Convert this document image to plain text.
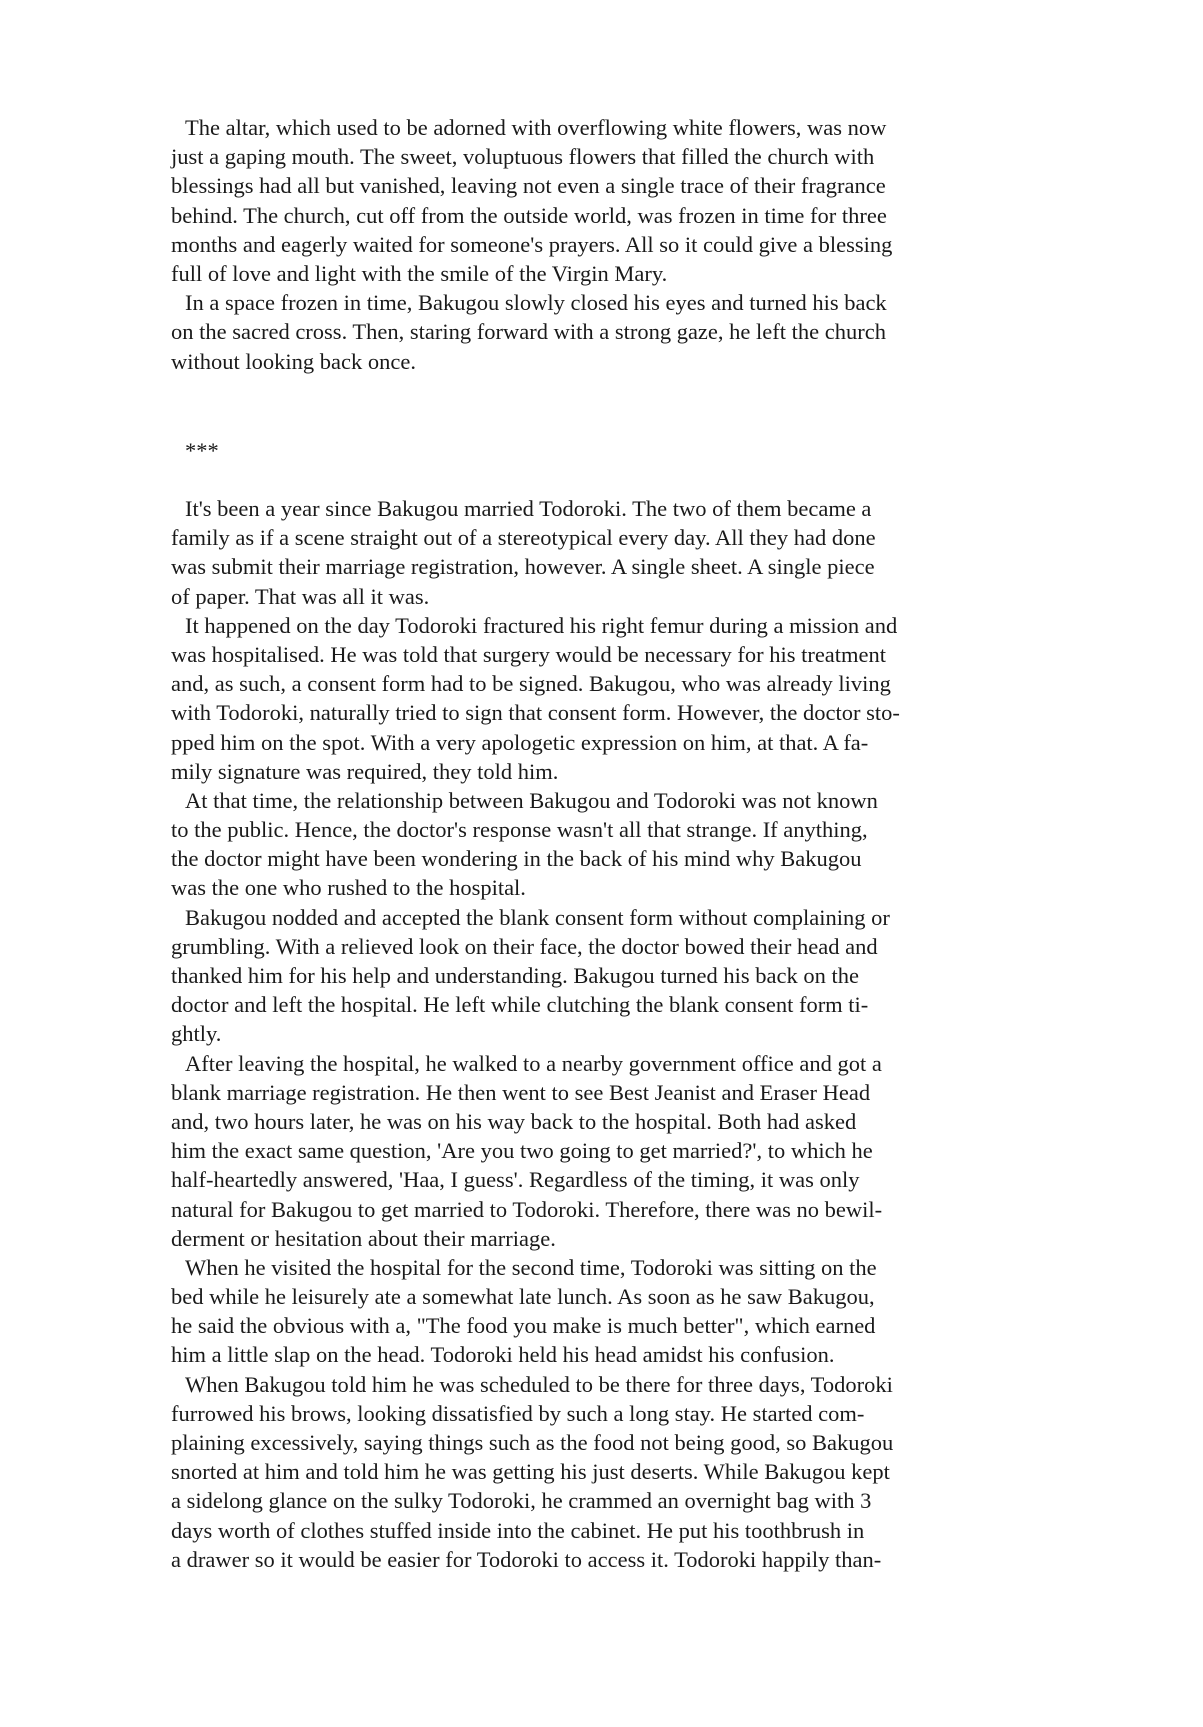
The altar, which used to be adorned with overflowing white flowers, was now
just a gaping mouth. The sweet, voluptuous flowers that filled the church with
blessings had all but vanished, leaving not even a single trace of their fragrance
behind. The church, cut off from the outside world, was frozen in time for three
months and eagerly waited for someone's prayers. All so it could give a blessing
full of love and light with the smile of the Virgin Mary.
In a space frozen in time, Bakugou slowly closed his eyes and turned his back
on the sacred cross. Then, staring forward with a strong gaze, he left the church
without looking back once.
***
It's been a year since Bakugou married Todoroki. The two of them became a
family as if a scene straight out of a stereotypical every day. All they had done
was submit their marriage registration, however. A single sheet. A single piece
of paper. That was all it was.
It happened on the day Todoroki fractured his right femur during a mission and
was hospitalised. He was told that surgery would be necessary for his treatment
and, as such, a consent form had to be signed. Bakugou, who was already living
with Todoroki, naturally tried to sign that consent form. However, the doctor sto-
pped him on the spot. With a very apologetic expression on him, at that. A fa-
mily signature was required, they told him.
At that time, the relationship between Bakugou and Todoroki was not known
to the public. Hence, the doctor's response wasn't all that strange. If anything,
the doctor might have been wondering in the back of his mind why Bakugou
was the one who rushed to the hospital.
Bakugou nodded and accepted the blank consent form without complaining or
grumbling. With a relieved look on their face, the doctor bowed their head and
thanked him for his help and understanding. Bakugou turned his back on the
doctor and left the hospital. He left while clutching the blank consent form ti-
ghtly.
After leaving the hospital, he walked to a nearby government office and got a
blank marriage registration. He then went to see Best Jeanist and Eraser Head
and, two hours later, he was on his way back to the hospital. Both had asked
him the exact same question, 'Are you two going to get married?', to which he
half-heartedly answered, 'Haa, I guess'. Regardless of the timing, it was only
natural for Bakugou to get married to Todoroki. Therefore, there was no bewil-
derment or hesitation about their marriage.
When he visited the hospital for the second time, Todoroki was sitting on the
bed while he leisurely ate a somewhat late lunch. As soon as he saw Bakugou,
he said the obvious with a, "The food you make is much better", which earned
him a little slap on the head. Todoroki held his head amidst his confusion.
When Bakugou told him he was scheduled to be there for three days, Todoroki
furrowed his brows, looking dissatisfied by such a long stay. He started com-
plaining excessively, saying things such as the food not being good, so Bakugou
snorted at him and told him he was getting his just deserts. While Bakugou kept
a sidelong glance on the sulky Todoroki, he crammed an overnight bag with 3
days worth of clothes stuffed inside into the cabinet. He put his toothbrush in
a drawer so it would be easier for Todoroki to access it. Todoroki happily than-
